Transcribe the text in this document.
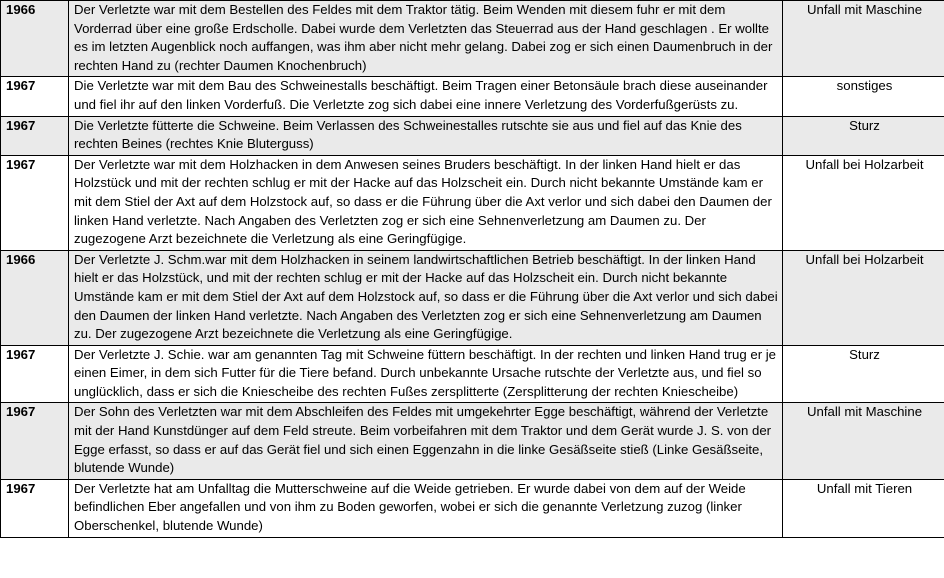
1966	Der Verletzte war mit dem Bestellen des Feldes mit dem Traktor tätig. Beim Wenden mit diesem fuhr er mit dem Vorderrad über eine große Erdscholle. Dabei wurde dem Verletzten das Steuerrad aus der Hand geschlagen . Er wollte es im letzten Augenblick noch auffangen, was ihm aber nicht mehr gelang. Dabei zog er sich einen Daumenbruch in der rechten Hand zu (rechter Daumen Knochenbruch)	Unfall mit Maschine
1967	Die Verletzte war mit dem Bau des Schweinestalls beschäftigt. Beim Tragen einer Betonsäule brach diese auseinander und fiel ihr auf den linken Vorderfuß. Die Verletzte zog sich dabei eine innere Verletzung des Vorderfußgerüsts zu.	sonstiges
1967	Die Verletzte fütterte die Schweine. Beim Verlassen des Schweinestalles rutschte sie aus und fiel auf das Knie des rechten Beines (rechtes Knie Bluterguss)	Sturz
1967	Der Verletzte war mit dem Holzhacken in dem Anwesen seines Bruders beschäftigt. In der linken Hand hielt er das Holzstück und mit der rechten schlug er mit der Hacke auf das Holzscheit ein. Durch nicht bekannte Umstände kam er mit dem Stiel der Axt auf dem Holzstock auf, so dass er die Führung über die Axt verlor und sich dabei den Daumen der linken Hand verletzte. Nach Angaben des Verletzten zog er sich eine Sehnenverletzung am Daumen zu. Der zugezogene Arzt bezeichnete die Verletzung als eine Geringfügige.	Unfall bei Holzarbeit
1966	Der Verletzte J. Schm.war mit dem Holzhacken in seinem landwirtschaftlichen Betrieb beschäftigt. In der linken Hand hielt er das Holzstück, und mit der rechten schlug er mit der Hacke auf das Holzscheit ein. Durch nicht bekannte Umstände kam er mit dem Stiel der Axt auf dem Holzstock auf, so dass er die Führung über die Axt verlor und sich dabei den Daumen der linken Hand verletzte. Nach Angaben des Verletzten zog er sich eine Sehnenverletzung am Daumen zu. Der zugezogene Arzt bezeichnete die Verletzung als eine Geringfügige.	Unfall bei Holzarbeit
1967	Der Verletzte J. Schie. war am genannten Tag mit Schweine füttern beschäftigt. In der rechten und linken Hand trug er je einen Eimer, in dem sich Futter für die Tiere befand. Durch unbekannte Ursache rutschte der Verletzte aus, und fiel so unglücklich, dass er sich die Kniescheibe des rechten Fußes zersplitterte (Zersplitterung der rechten Kniescheibe)	Sturz
1967	Der Sohn des Verletzten war mit dem Abschleifen des Feldes mit umgekehrter Egge beschäftigt, während der Verletzte mit der Hand Kunstdünger auf dem Feld streute. Beim vorbeifahren mit dem Traktor und dem Gerät wurde J. S. von der Egge erfasst, so dass er auf das Gerät fiel und sich einen Eggenzahn in die linke Gesäßseite stieß (Linke Gesäßseite, blutende Wunde)	Unfall mit Maschine
1967	Der Verletzte hat am Unfalltag die Mutterschweine auf die Weide getrieben. Er wurde dabei von dem auf der Weide befindlichen Eber angefallen und von ihm zu Boden geworfen, wobei er sich die genannte Verletzung zuzog (linker Oberschenkel, blutende Wunde)	Unfall mit Tieren
